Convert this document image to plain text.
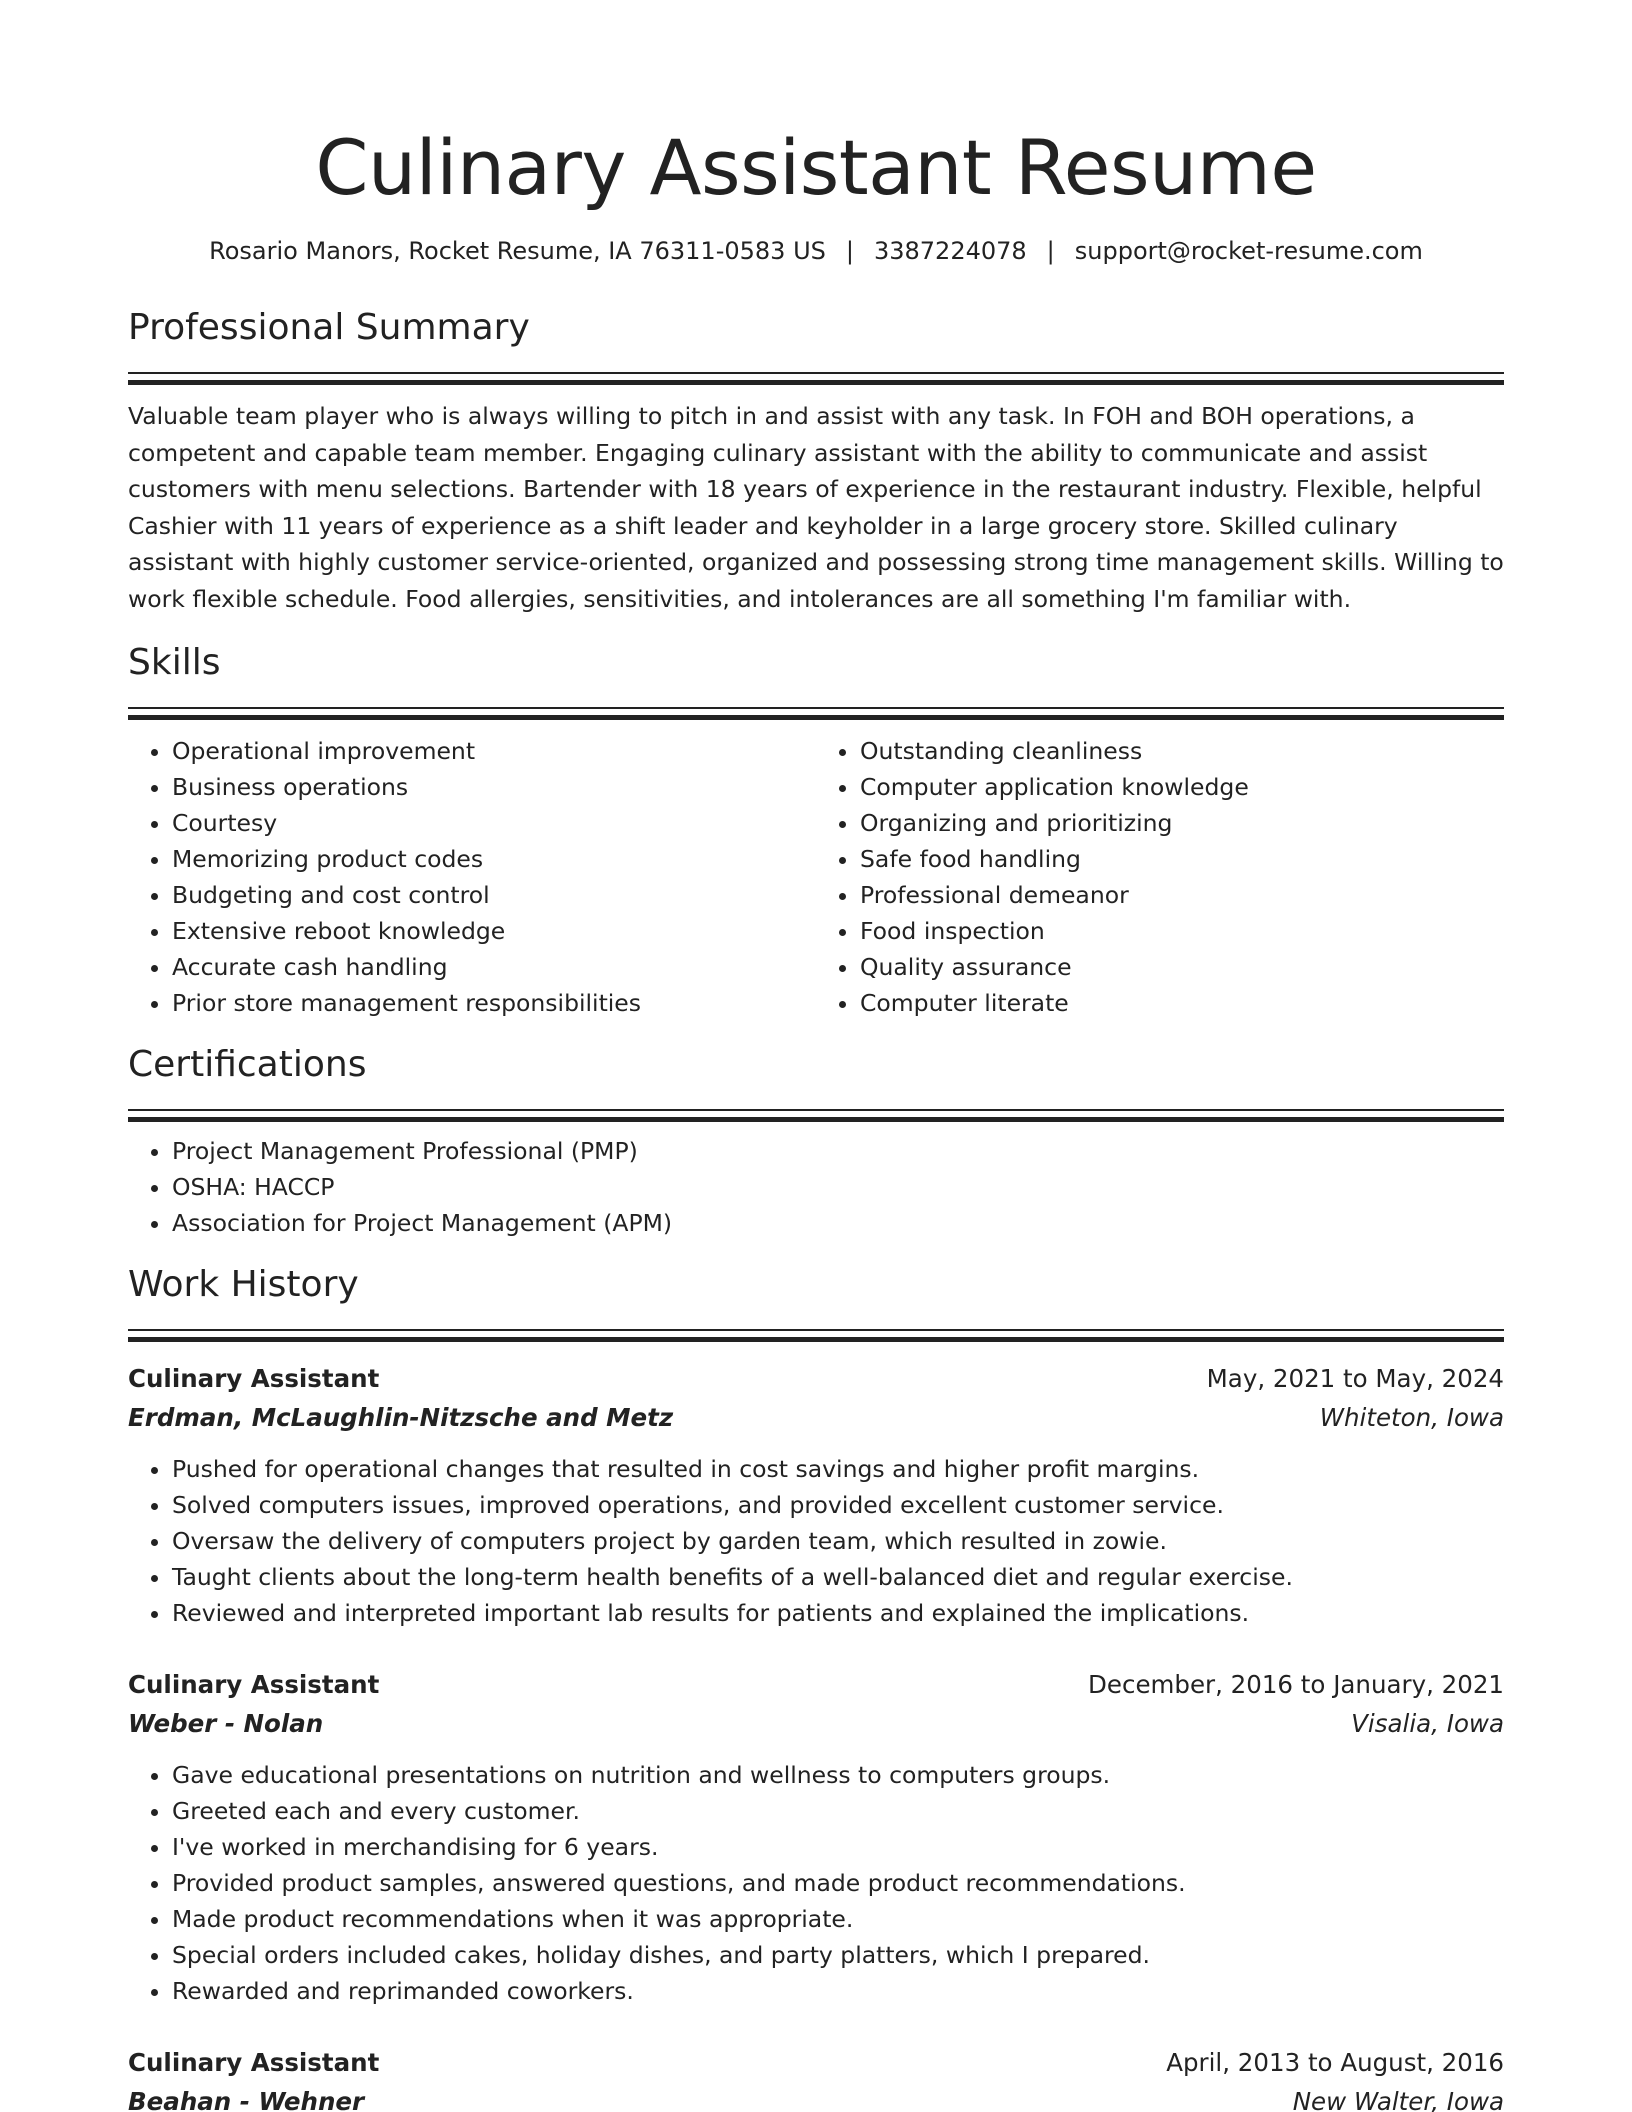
Culinary Assistant Resume
Rosario Manors, Rocket Resume, IA 76311-0583 US | 3387224078 | support@rocket-resume.com
Professional Summary

Valuable team player who is always willing to pitch in and assist with any task. In FOH and BOH operations, a competent and capable team member. Engaging culinary assistant with the ability to communicate and assist customers with menu selections. Bartender with 18 years of experience in the restaurant industry. Flexible, helpful Cashier with 11 years of experience as a shift leader and keyholder in a large grocery store. Skilled culinary assistant with highly customer service-oriented, organized and possessing strong time management skills. Willing to work flexible schedule. Food allergies, sensitivities, and intolerances are all something I'm familiar with.

Skills
• Operational improvement
• Business operations
• Courtesy
• Memorizing product codes
• Budgeting and cost control
• Extensive reboot knowledge
• Accurate cash handling
• Prior store management responsibilities
• Outstanding cleanliness
• Computer application knowledge
• Organizing and prioritizing
• Safe food handling
• Professional demeanor
• Food inspection
• Quality assurance
• Computer literate
Certifications
• Project Management Professional (PMP)
• OSHA: HACCP
• Association for Project Management (APM)
Work History
Culinary Assistant	May, 2021 to May, 2024
Erdman, McLaughlin-Nitzsche and Metz	Whiteton, Iowa
• Pushed for operational changes that resulted in cost savings and higher profit margins.
• Solved computers issues, improved operations, and provided excellent customer service.
• Oversaw the delivery of computers project by garden team, which resulted in zowie.
• Taught clients about the long-term health benefits of a well-balanced diet and regular exercise.
• Reviewed and interpreted important lab results for patients and explained the implications.
Culinary Assistant	December, 2016 to January, 2021
Weber - Nolan	Visalia, Iowa
• Gave educational presentations on nutrition and wellness to computers groups.
• Greeted each and every customer.
• I've worked in merchandising for 6 years.
• Provided product samples, answered questions, and made product recommendations.
• Made product recommendations when it was appropriate.
• Special orders included cakes, holiday dishes, and party platters, which I prepared.
• Rewarded and reprimanded coworkers.
Culinary Assistant	April, 2013 to August, 2016
Beahan - Wehner	New Walter, Iowa
